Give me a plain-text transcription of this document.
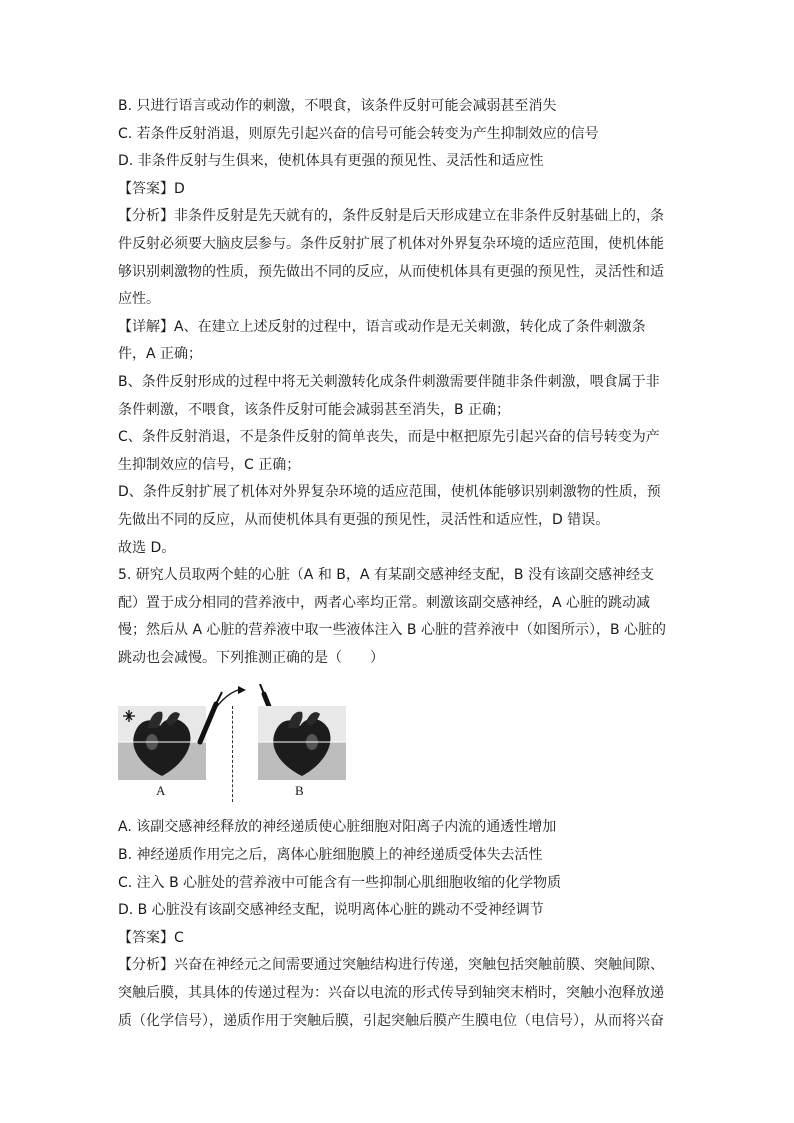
B. 只进行语言或动作的刺激，不喂食，该条件反射可能会减弱甚至消失
C. 若条件反射消退，则原先引起兴奋的信号可能会转变为产生抑制效应的信号
D. 非条件反射与生俱来，使机体具有更强的预见性、灵活性和适应性
【答案】D
【分析】非条件反射是先天就有的，条件反射是后天形成建立在非条件反射基础上的，条
件反射必须要大脑皮层参与。条件反射扩展了机体对外界复杂环境的适应范围，使机体能
够识别刺激物的性质，预先做出不同的反应，从而使机体具有更强的预见性，灵活性和适
应性。
【详解】A、在建立上述反射的过程中，语言或动作是无关刺激，转化成了条件刺激条
件，A 正确；
B、条件反射形成的过程中将无关刺激转化成条件刺激需要伴随非条件刺激，喂食属于非
条件刺激，不喂食，该条件反射可能会减弱甚至消失，B 正确；
C、条件反射消退，不是条件反射的简单丧失，而是中枢把原先引起兴奋的信号转变为产
生抑制效应的信号，C 正确；
D、条件反射扩展了机体对外界复杂环境的适应范围，使机体能够识别刺激物的性质，预
先做出不同的反应，从而使机体具有更强的预见性，灵活性和适应性，D 错误。
故选 D。
5. 研究人员取两个蛙的心脏（A 和 B，A 有某副交感神经支配，B 没有该副交感神经支
配）置于成分相同的营养液中，两者心率均正常。刺激该副交感神经，A 心脏的跳动减
慢；然后从 A 心脏的营养液中取一些液体注入 B 心脏的营养液中（如图所示），B 心脏的
跳动也会减慢。下列推测正确的是（　　）
A	B
A. 该副交感神经释放的神经递质使心脏细胞对阳离子内流的通透性增加
B. 神经递质作用完之后，离体心脏细胞膜上的神经递质受体失去活性
C. 注入 B 心脏处的营养液中可能含有一些抑制心肌细胞收缩的化学物质
D. B 心脏没有该副交感神经支配，说明离体心脏的跳动不受神经调节
【答案】C
【分析】兴奋在神经元之间需要通过突触结构进行传递，突触包括突触前膜、突触间隙、
突触后膜，其具体的传递过程为：兴奋以电流的形式传导到轴突末梢时，突触小泡释放递
质（化学信号），递质作用于突触后膜，引起突触后膜产生膜电位（电信号），从而将兴奋
